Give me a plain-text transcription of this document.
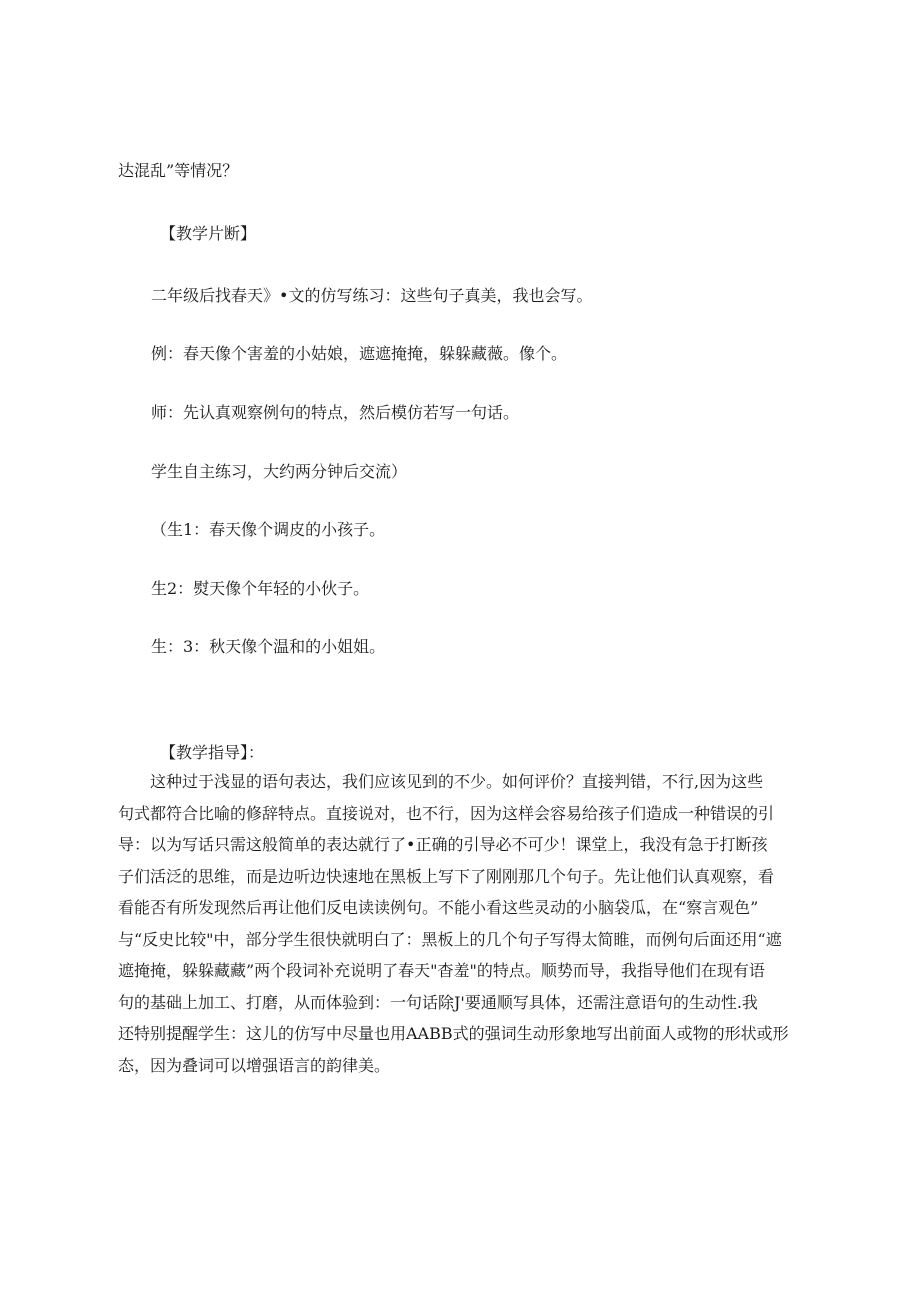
达混乱”等情况？
【教学片断】
二年级后找春天》•文的仿写练习：这些句子真美，我也会写。
例：春天像个害羞的小姑娘，遮遮掩掩，躲躲藏薇。像个。
师：先认真观察例句的特点，然后模仿若写一句话。
学生自主练习，大约两分钟后交流）
（生1：春天像个调皮的小孩子。
生2：熨天像个年轻的小伙子。
生：3：秋天像个温和的小姐姐。
【教学指导】：
这种过于浅显的语句表达，我们应该见到的不少。如何评价？直接判错，不行,因为这些
句式都符合比喻的修辞特点。直接说对，也不行，因为这样会容易给孩子们造成一种错误的引
导：以为写话只需这般简单的表达就行了•正确的引导必不可少！课堂上，我没有急于打断孩
子们活泛的思维，而是边听边快速地在黑板上写下了刚刚那几个句子。先让他们认真观察，看
看能否有所发现然后再让他们反电读读例句。不能小看这些灵动的小脑袋瓜，在“察言观色”
与“反史比较"中，部分学生很快就明白了：黑板上的几个句子写得太简睢，而例句后面还用“遮
遮掩掩，躲躲藏藏”两个段词补充说明了春天"杳羞"的特点。顺势而导，我指导他们在现有语
句的基础上加工、打磨，从而体验到：一句话除J'要通顺写具体，还需注意语句的生动性.我
还特别提醒学生：这儿的仿写中尽量也用AABB式的强词生动形象地写出前面人或物的形状或形
态，因为叠词可以增强语言的韵律美。
